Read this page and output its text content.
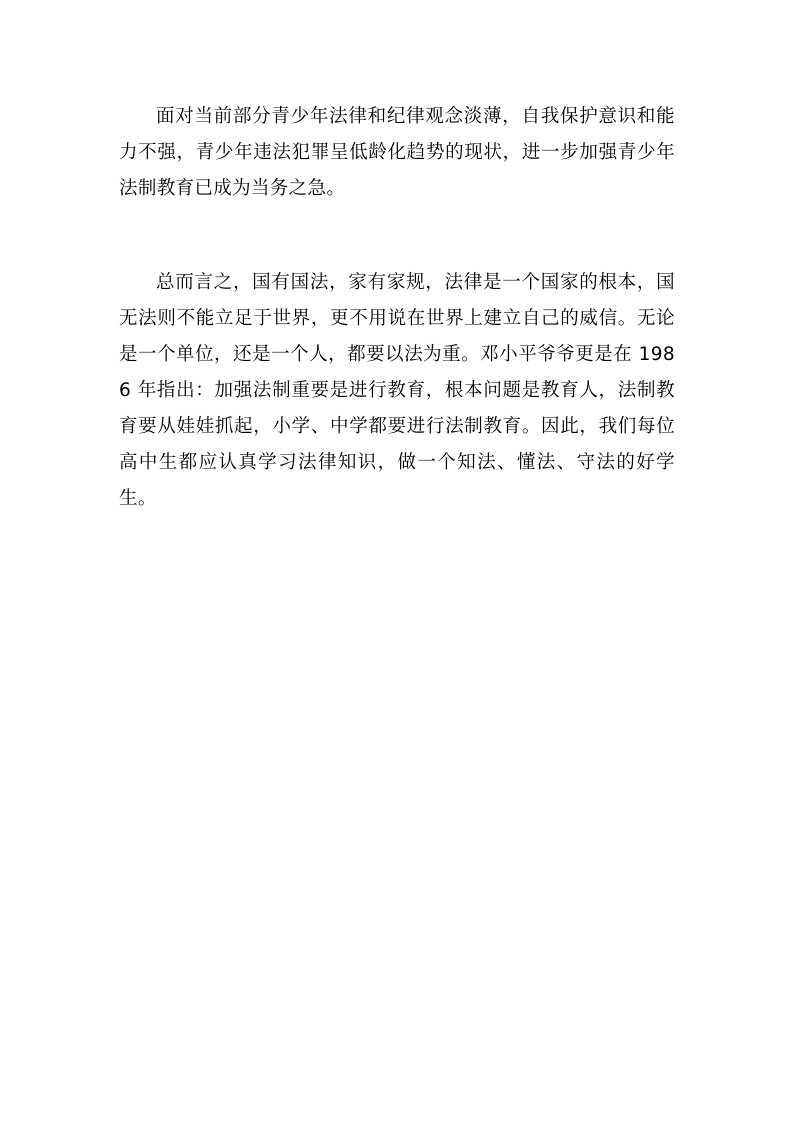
面对当前部分青少年法律和纪律观念淡薄，自我保护意识和能力不强，青少年违法犯罪呈低龄化趋势的现状，进一步加强青少年法制教育已成为当务之急。

总而言之，国有国法，家有家规，法律是一个国家的根本，国无法则不能立足于世界，更不用说在世界上建立自己的威信。无论是一个单位，还是一个人，都要以法为重。邓小平爷爷更是在 1986 年指出：加强法制重要是进行教育，根本问题是教育人，法制教育要从娃娃抓起，小学、中学都要进行法制教育。因此，我们每位高中生都应认真学习法律知识，做一个知法、懂法、守法的好学生。
